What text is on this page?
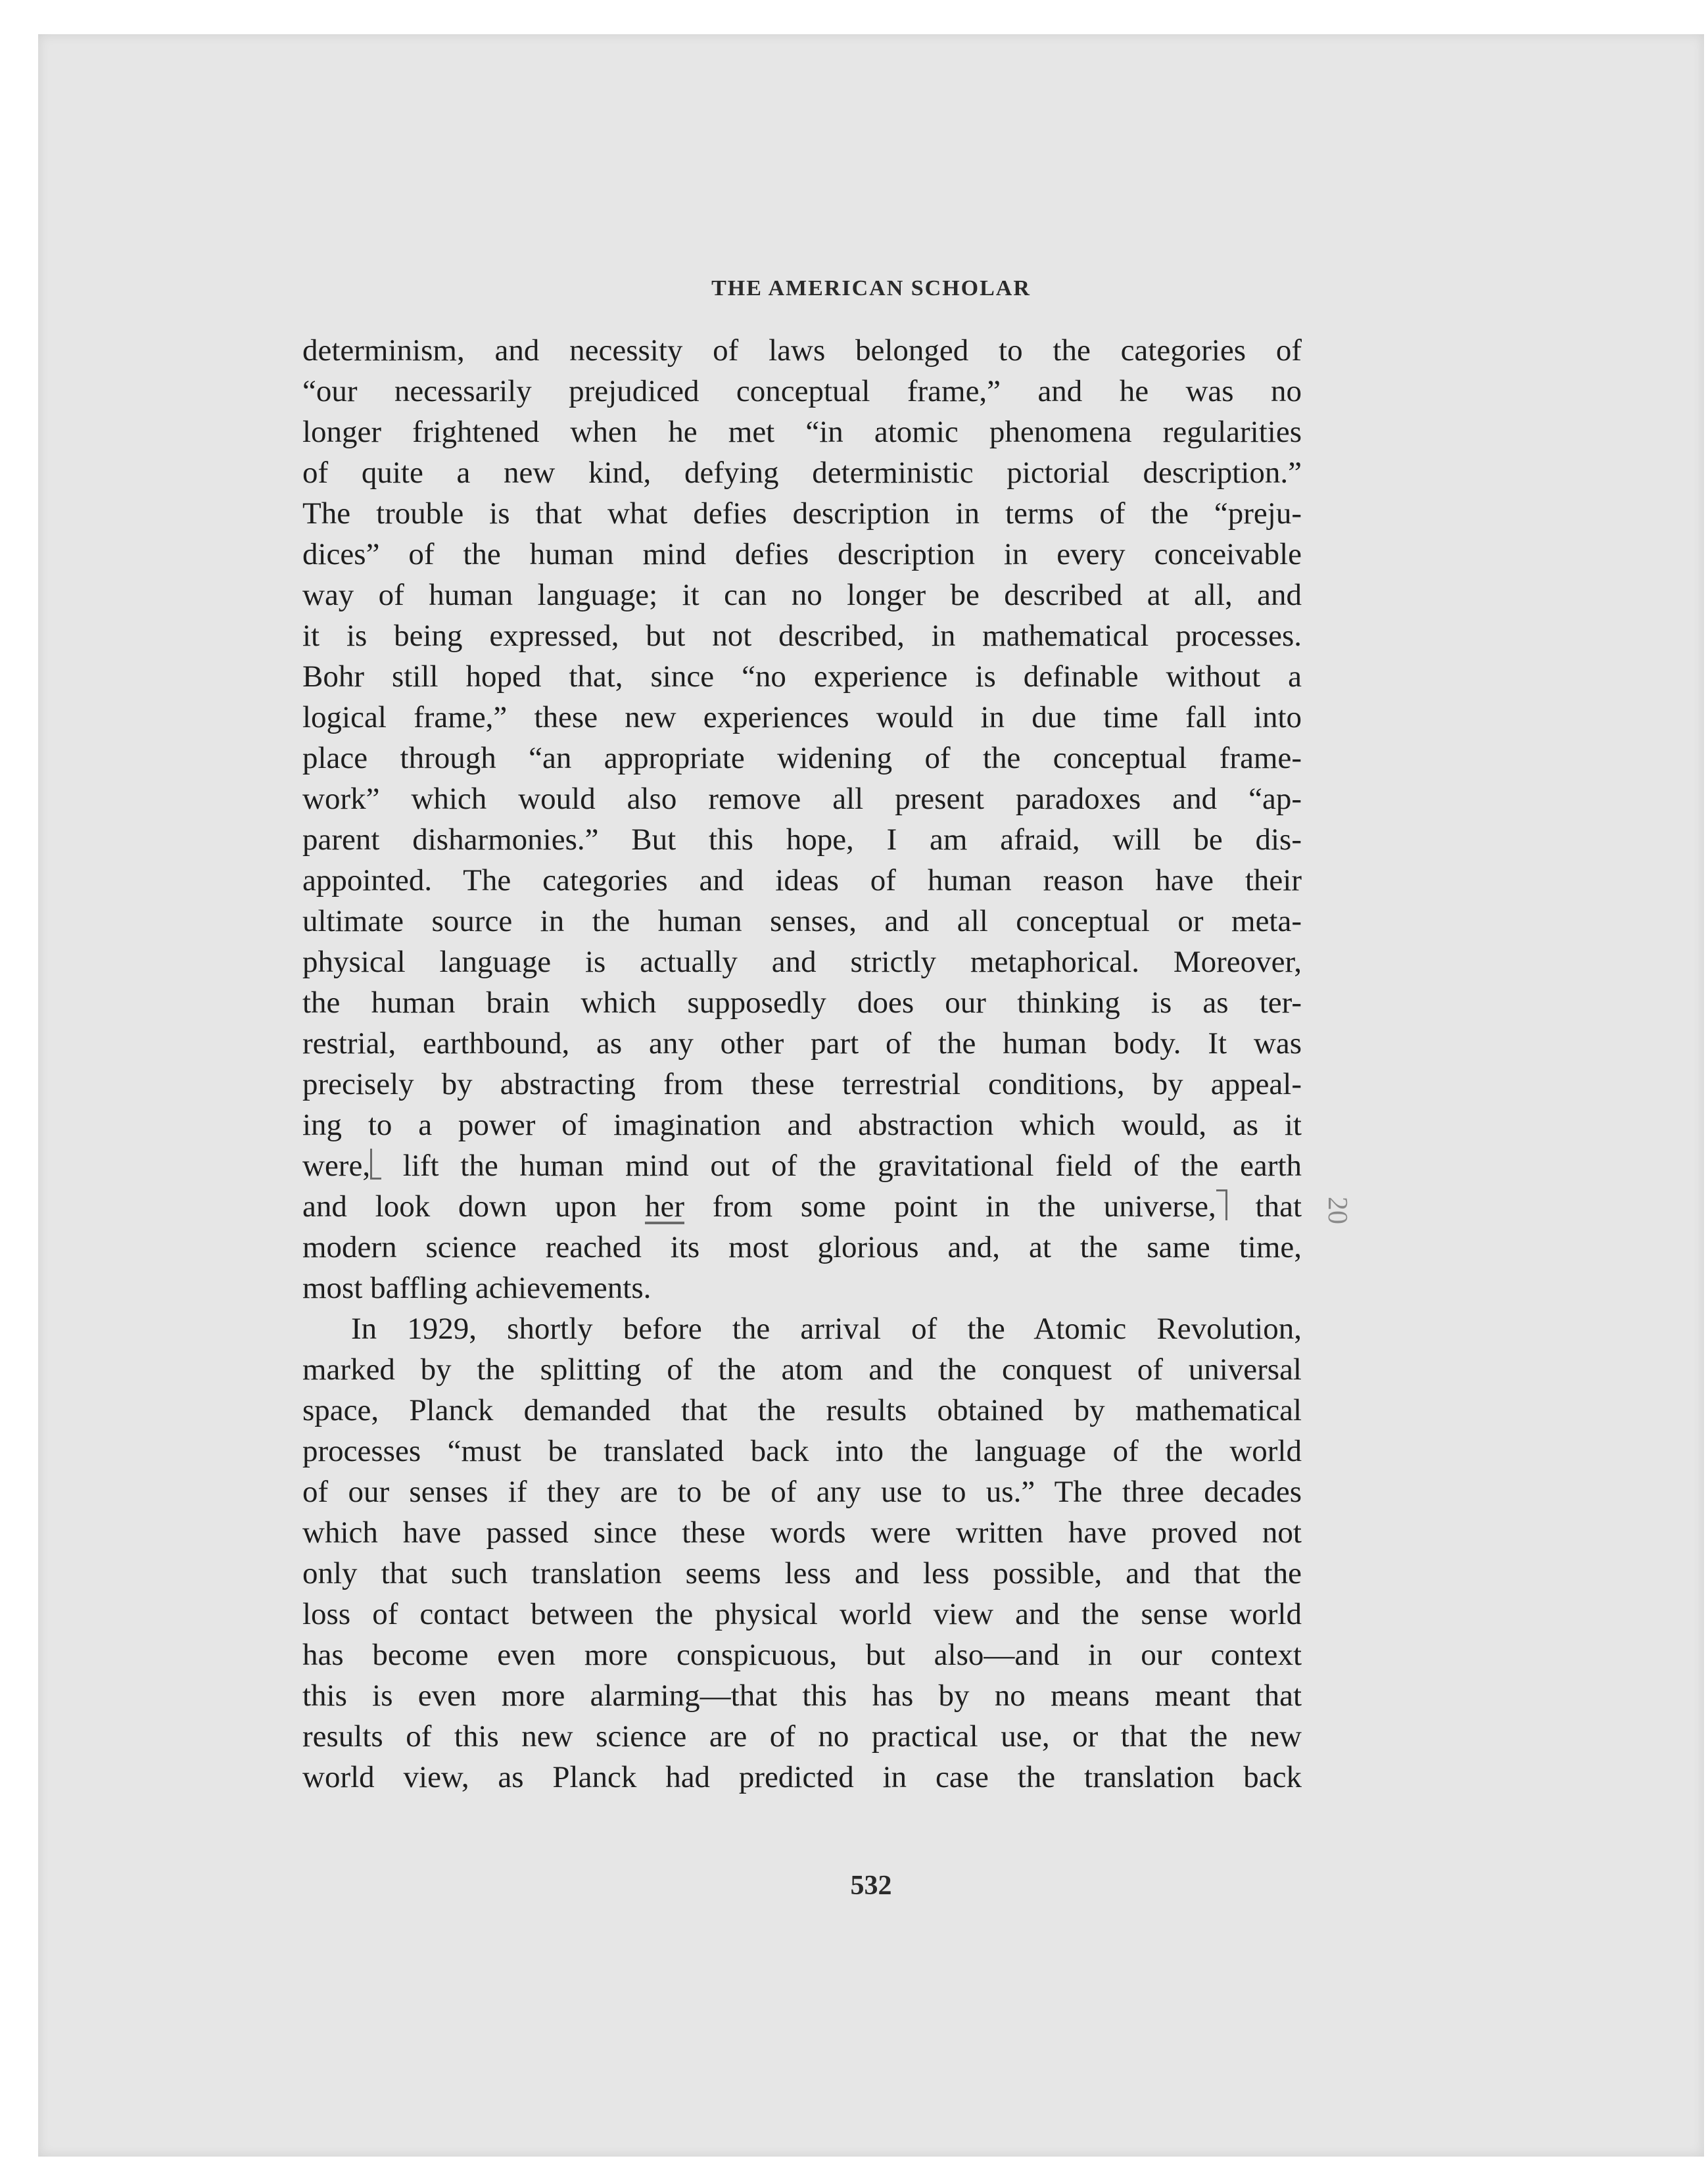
THE AMERICAN SCHOLAR
determinism, and necessity of laws belonged to the categories of
“our necessarily prejudiced conceptual frame,” and he was no
longer frightened when he met “in atomic phenomena regularities
of quite a new kind, defying deterministic pictorial description.”
The trouble is that what defies description in terms of the “preju-
dices” of the human mind defies description in every conceivable
way of human language; it can no longer be described at all, and
it is being expressed, but not described, in mathematical processes.
Bohr still hoped that, since “no experience is definable without a
logical frame,” these new experiences would in due time fall into
place through “an appropriate widening of the conceptual frame-
work” which would also remove all present paradoxes and “ap-
parent disharmonies.” But this hope, I am afraid, will be dis-
appointed. The categories and ideas of human reason have their
ultimate source in the human senses, and all conceptual or meta-
physical language is actually and strictly metaphorical. Moreover,
the human brain which supposedly does our thinking is as ter-
restrial, earthbound, as any other part of the human body. It was
precisely by abstracting from these terrestrial conditions, by appeal-
ing to a power of imagination and abstraction which would, as it
were, lift the human mind out of the gravitational field of the earth
and look down upon her from some point in the universe, that
modern science reached its most glorious and, at the same time,
most baffling achievements.
In 1929, shortly before the arrival of the Atomic Revolution,
marked by the splitting of the atom and the conquest of universal
space, Planck demanded that the results obtained by mathematical
processes “must be translated back into the language of the world
of our senses if they are to be of any use to us.” The three decades
which have passed since these words were written have proved not
only that such translation seems less and less possible, and that the
loss of contact between the physical world view and the sense world
has become even more conspicuous, but also—and in our context
this is even more alarming—that this has by no means meant that
results of this new science are of no practical use, or that the new
world view, as Planck had predicted in case the translation back
20
532
